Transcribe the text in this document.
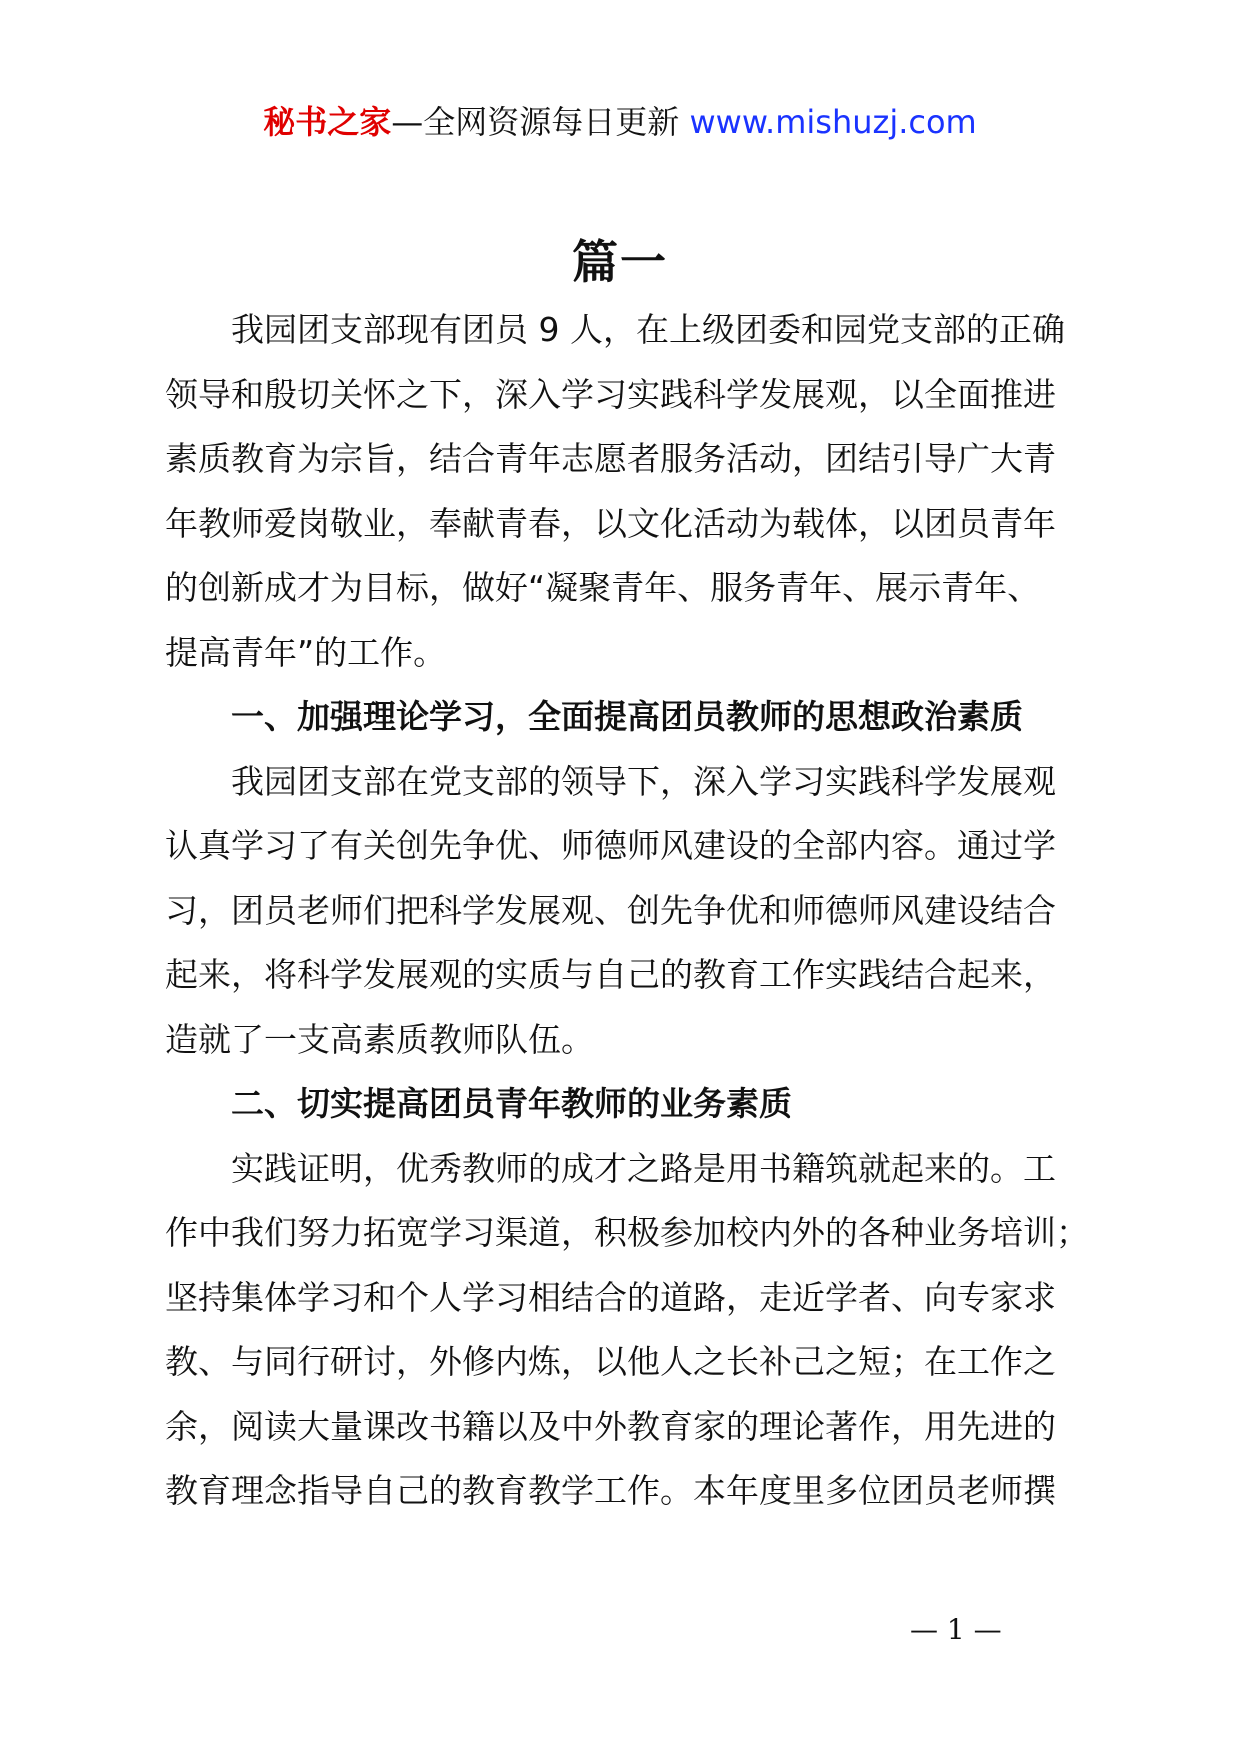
秘书之家—全网资源每日更新 www.mishuzj.com
篇一
我园团支部现有团员 9 人，在上级团委和园党支部的正确
领导和殷切关怀之下，深入学习实践科学发展观，以全面推进
素质教育为宗旨，结合青年志愿者服务活动，团结引导广大青
年教师爱岗敬业，奉献青春，以文化活动为载体，以团员青年
的创新成才为目标，做好“凝聚青年、服务青年、展示青年、
提高青年”的工作。
一、加强理论学习，全面提高团员教师的思想政治素质
我园团支部在党支部的领导下，深入学习实践科学发展观
认真学习了有关创先争优、师德师风建设的全部内容。通过学
习，团员老师们把科学发展观、创先争优和师德师风建设结合
起来，将科学发展观的实质与自己的教育工作实践结合起来，
造就了一支高素质教师队伍。
二、切实提高团员青年教师的业务素质
实践证明，优秀教师的成才之路是用书籍筑就起来的。工
作中我们努力拓宽学习渠道，积极参加校内外的各种业务培训；
坚持集体学习和个人学习相结合的道路，走近学者、向专家求
教、与同行研讨，外修内炼，以他人之长补己之短；在工作之
余，阅读大量课改书籍以及中外教育家的理论著作，用先进的
教育理念指导自己的教育教学工作。本年度里多位团员老师撰
— 1 —
